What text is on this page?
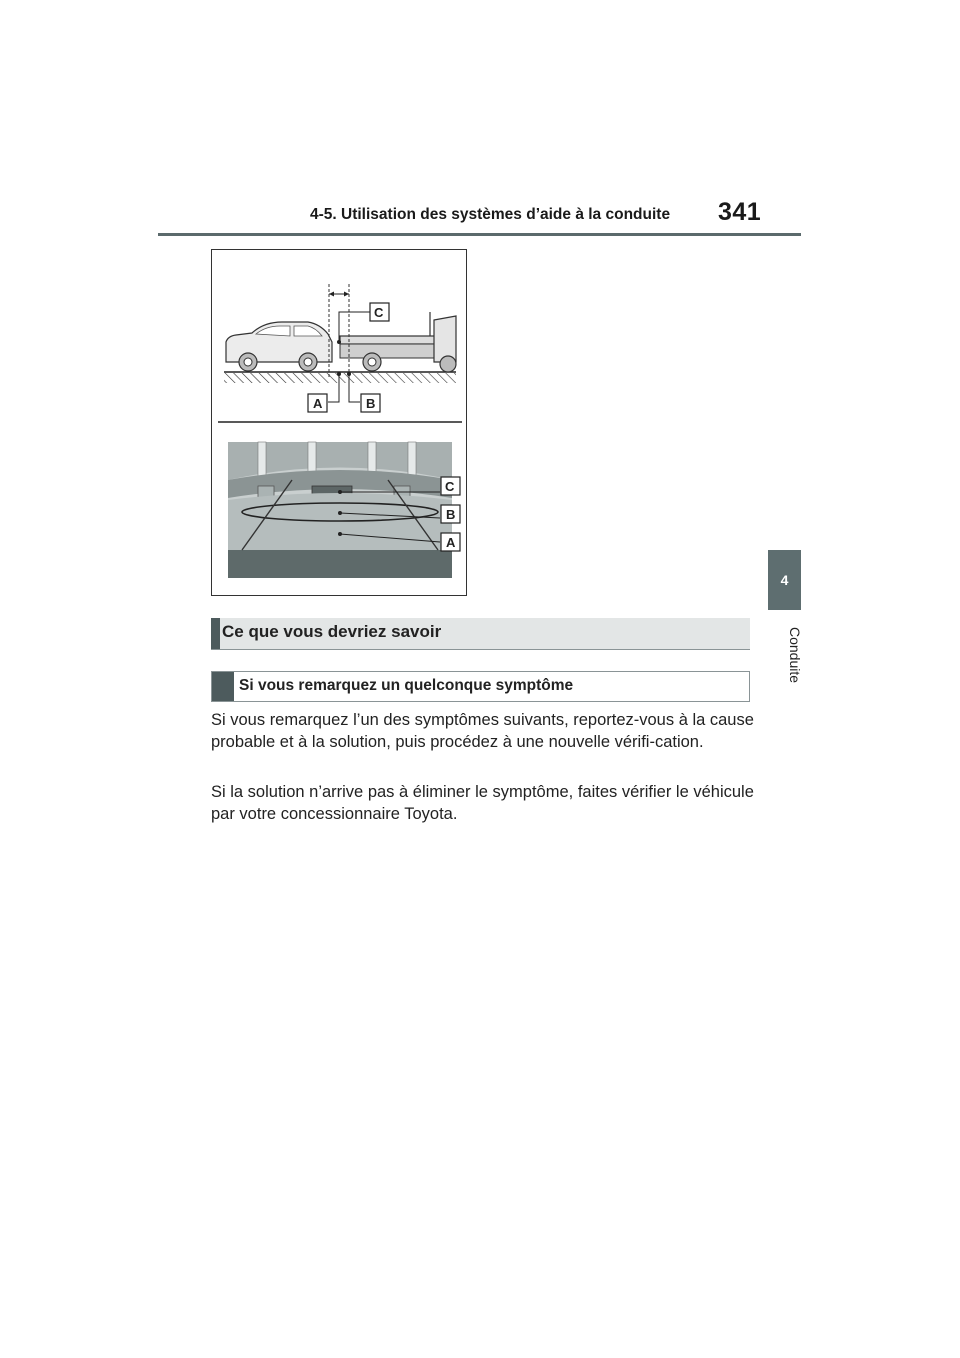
4-5. Utilisation des systèmes d’aide à la conduite 341
4
Conduite
C
A	B
C
B
A
Ce que vous devriez savoir
Si vous remarquez un quelconque symptôme
Si vous remarquez l’un des symptômes suivants, reportez-vous à la cause probable et à la solution, puis procédez à une nouvelle vérifi-cation.
Si la solution n’arrive pas à éliminer le symptôme, faites vérifier le véhicule par votre concessionnaire Toyota.
